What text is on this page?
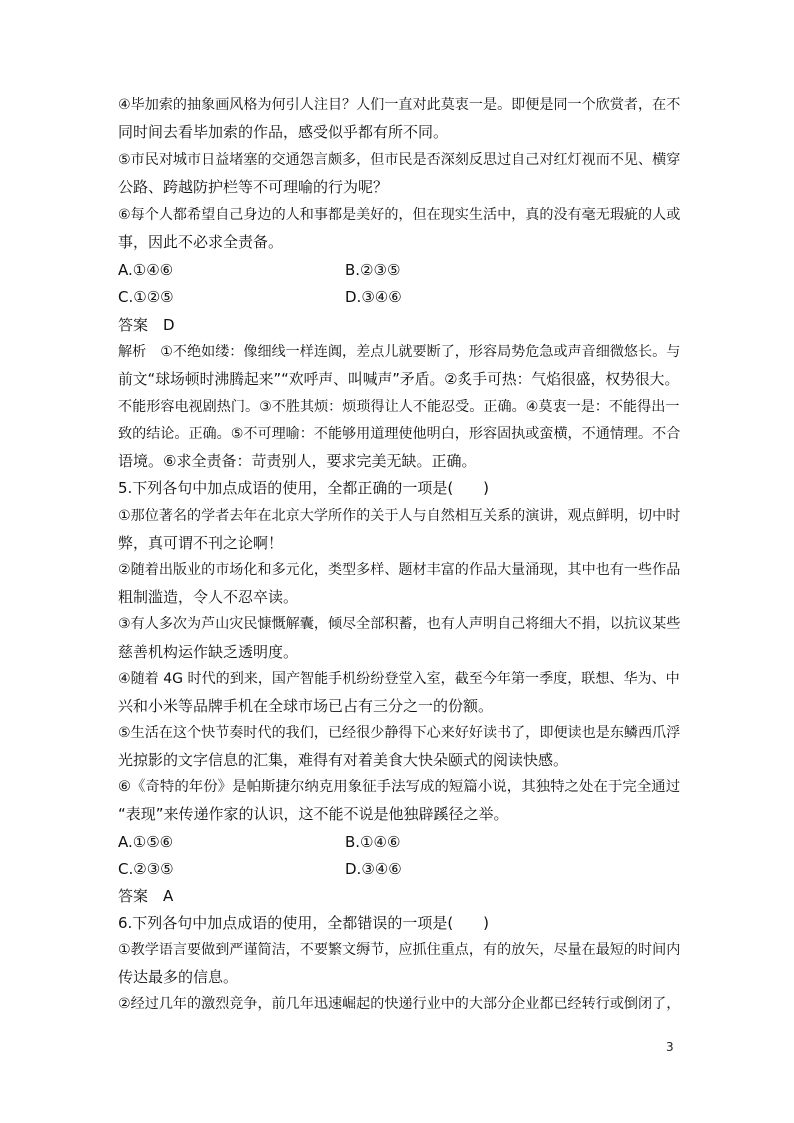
④毕加索的抽象画风格为何引人注目？人们一直对此莫衷一是。即便是同一个欣赏者，在不
同时间去看毕加索的作品，感受似乎都有所不同。
⑤市民对城市日益堵塞的交通怨言颇多，但市民是否深刻反思过自己对红灯视而不见、横穿
公路、跨越防护栏等不可理喻的行为呢？
⑥每个人都希望自己身边的人和事都是美好的，但在现实生活中，真的没有毫无瑕疵的人或
事，因此不必求全责备。
A.①④⑥	B.②③⑤
C.①②⑤	D.③④⑥
答案　D
解析　①不绝如缕：像细线一样连阗，差点儿就要断了，形容局势危急或声音细微悠长。与
前文“球场顿时沸腾起来”“欢呼声、叫喊声”矛盾。②炙手可热：气焰很盛，权势很大。
不能形容电视剧热门。③不胜其烦：烦琐得让人不能忍受。正确。④莫衷一是：不能得出一
致的结论。正确。⑤不可理喻：不能够用道理使他明白，形容固执或蛮横，不通情理。不合
语境。⑥求全责备：苛责别人，要求完美无缺。正确。
5.下列各句中加点成语的使用，全都正确的一项是(　　)
①那位著名的学者去年在北京大学所作的关于人与自然相互关系的演讲，观点鲜明，切中时
弊，真可谓不刊之论啊！
②随着出版业的市场化和多元化，类型多样、题材丰富的作品大量涌现，其中也有一些作品
粗制滥造，令人不忍卒读。
③有人多次为芦山灾民慷慨解囊，倾尽全部积蓄，也有人声明自己将细大不捐，以抗议某些
慈善机构运作缺乏透明度。
④随着 4G 时代的到来，国产智能手机纷纷登堂入室，截至今年第一季度，联想、华为、中
兴和小米等品牌手机在全球市场已占有三分之一的份额。
⑤生活在这个快节奏时代的我们，已经很少静得下心来好好读书了，即便读也是东鳞西爪浮
光掠影的文字信息的汇集，难得有对着美食大快朵颐式的阅读快感。
⑥《奇特的年份》是帕斯捷尔纳克用象征手法写成的短篇小说，其独特之处在于完全通过
“表现”来传递作家的认识，这不能不说是他独辟蹊径之举。
A.①⑤⑥	B.①④⑥
C.②③⑤	D.③④⑥
答案　A
6.下列各句中加点成语的使用，全都错误的一项是(　　)
①教学语言要做到严谨简洁，不要繁文缛节，应抓住重点，有的放矢，尽量在最短的时间内
传达最多的信息。
②经过几年的激烈竞争，前几年迅速崛起的快递行业中的大部分企业都已经转行或倒闭了，
3
